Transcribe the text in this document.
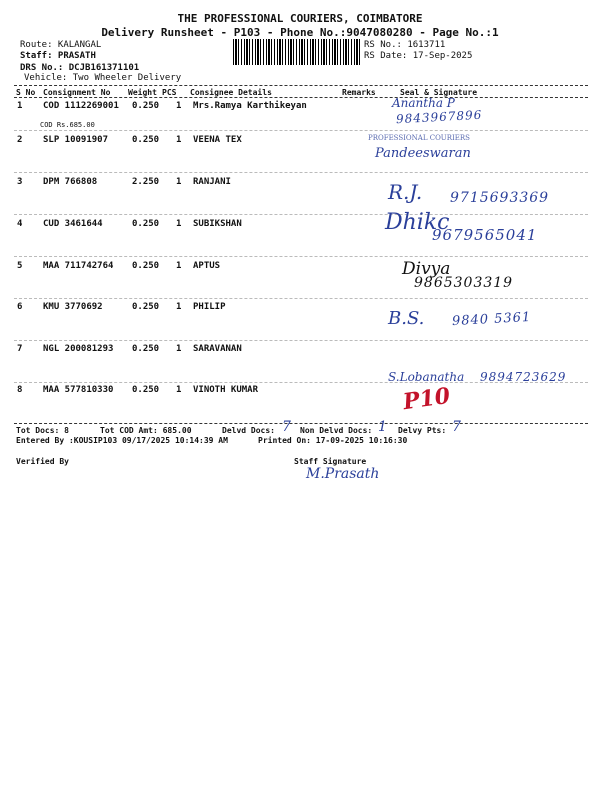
THE PROFESSIONAL COURIERS, COIMBATORE
Delivery Runsheet - P103 - Phone No.:9047080280 - Page No.:1
Route: KALANGAL
Staff: PRASATH
DRS No.: DCJB161371101
Vehicle: Two Wheeler Delivery
RS No.: 1613711
RS Date: 17-Sep-2025
S No Consignment No Weight PCS Consignee Details	Remarks	Seal & Signature
1 COD 1112269001 0.250 1 Mrs.Ramya Karthikeyan
COD Rs.685.00
Anantha P
9843967896
2 SLP 10091907	0.250 1 VEENA TEX	PROFESSIONAL COURIERS
Pandeeswaran
3 DPM 766808	2.250 1 RANJANI	R.J. 9715693369
4 CUD 3461644	0.250 1 SUBIKSHAN	Dhikc
9679565041
5 MAA 711742764 0.250 1 APTUS	Divya
9865303319
6 KMU 3770692	0.250 1 PHILIP
B.S. 9840 5361
7 NGL 200081293 0.250 1 SARAVANAN
S.Lobanatha 9894723629
8 MAA 577810330 0.250 1 VINOTH KUMAR	P10
Tot Docs: 8	Tot COD Amt: 685.00	Delvd Docs: 7 Non Delvd Docs: 1 Delvy Pts: 7
Entered By :KOUSIP103 09/17/2025 10:14:39 AM	Printed On: 17-09-2025 10:16:30
Verified By	Staff Signature
M.Prasath
